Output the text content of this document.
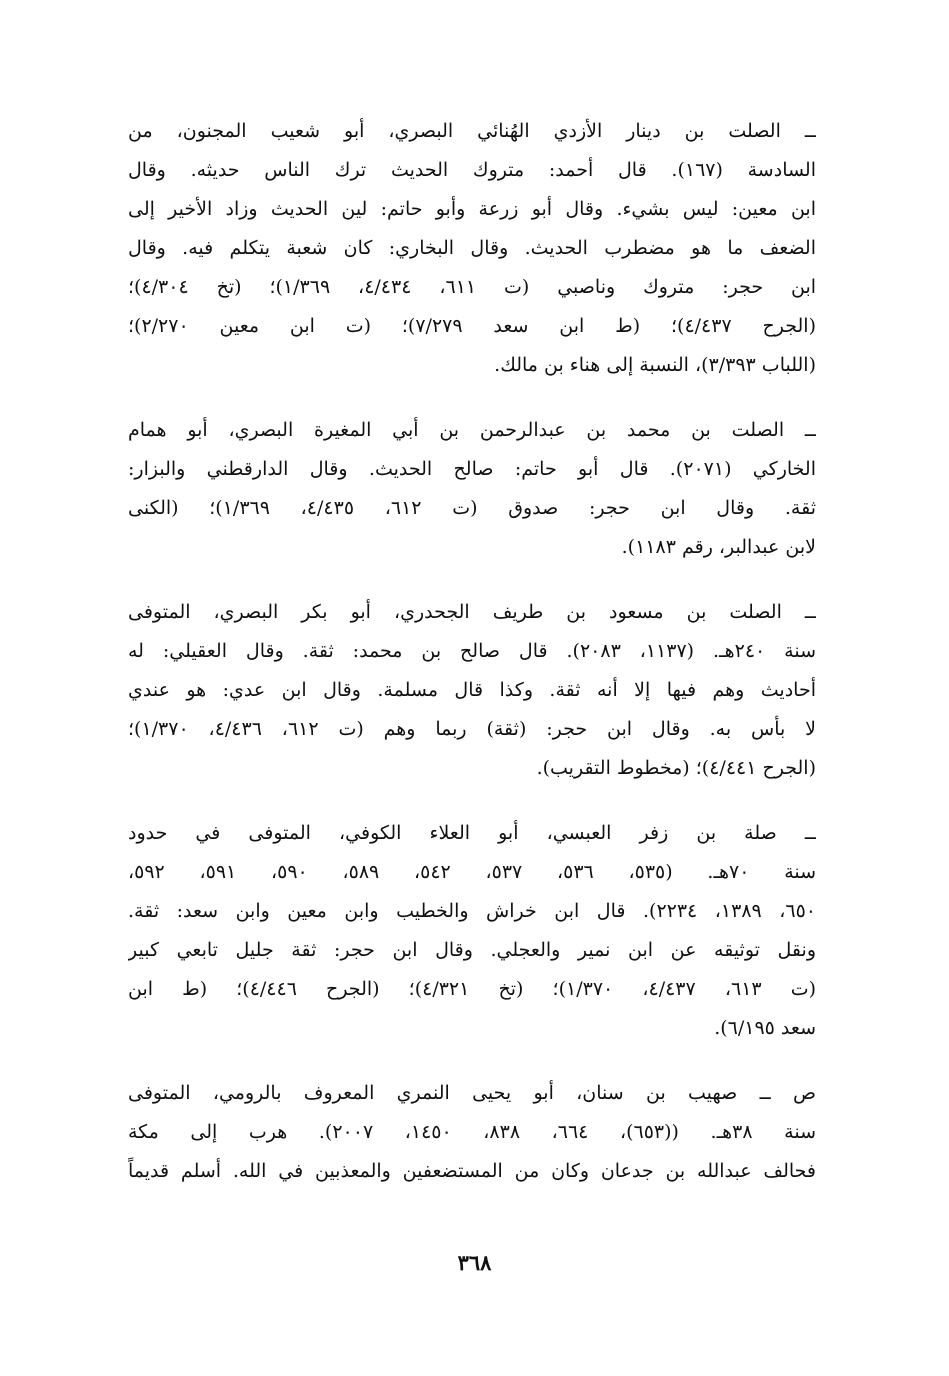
ــ الصلت بن دينار الأزدي الهُنائي البصري، أبو شعيب المجنون، من
السادسة (١٦٧). قال أحمد: متروك الحديث ترك الناس حديثه. وقال
ابن معين: ليس بشيء. وقال أبو زرعة وأبو حاتم: لين الحديث وزاد الأخير إلى
الضعف ما هو مضطرب الحديث. وقال البخاري: كان شعبة يتكلم فيه. وقال
ابن حجر: متروك وناصبي (ت ٦١١، ٤/٤٣٤، ١/٣٦٩)؛ (تخ ٤/٣٠٤)؛
(الجرح ٤/٤٣٧)؛ (ط ابن سعد ٧/٢٧٩)؛ (ت ابن معين ٢/٢٧٠)؛
(اللباب ٣/٣٩٣)، النسبة إلى هناء بن مالك.
ــ الصلت بن محمد بن عبدالرحمن بن أبي المغيرة البصري، أبو همام
الخاركي (٢٠٧١). قال أبو حاتم: صالح الحديث. وقال الدارقطني والبزار:
ثقة. وقال ابن حجر: صدوق (ت ٦١٢، ٤/٤٣٥، ١/٣٦٩)؛ (الكنى
لابن عبدالبر، رقم ١١٨٣).
ــ الصلت بن مسعود بن طريف الجحدري، أبو بكر البصري، المتوفى
سنة ٢٤٠هـ. (١١٣٧، ٢٠٨٣). قال صالح بن محمد: ثقة. وقال العقيلي: له
أحاديث وهم فيها إلا أنه ثقة. وكذا قال مسلمة. وقال ابن عدي: هو عندي
لا بأس به. وقال ابن حجر: (ثقة) ربما وهم (ت ٦١٢، ٤/٤٣٦، ١/٣٧٠)؛
(الجرح ٤/٤٤١)؛ (مخطوط التقريب).
ــ صلة بن زفر العبسي، أبو العلاء الكوفي، المتوفى في حدود
سنة ٧٠هـ. (٥٣٥، ٥٣٦، ٥٣٧، ٥٤٢، ٥٨٩، ٥٩٠، ٥٩١، ٥٩٢،
٦٥٠، ١٣٨٩، ٢٢٣٤). قال ابن خراش والخطيب وابن معين وابن سعد: ثقة.
ونقل توثيقه عن ابن نمير والعجلي. وقال ابن حجر: ثقة جليل تابعي كبير
(ت ٦١٣، ٤/٤٣٧، ١/٣٧٠)؛ (تخ ٤/٣٢١)؛ (الجرح ٤/٤٤٦)؛ (ط ابن
سعد ٦/١٩٥).
ص ــ صهيب بن سنان، أبو يحيى النمري المعروف بالرومي، المتوفى
سنة ٣٨هـ. ((٦٥٣)، ٦٦٤، ٨٣٨، ١٤٥٠، ٢٠٠٧). هرب إلى مكة
فحالف عبدالله بن جدعان وكان من المستضعفين والمعذبين في الله. أسلم قديماً
٣٦٨
